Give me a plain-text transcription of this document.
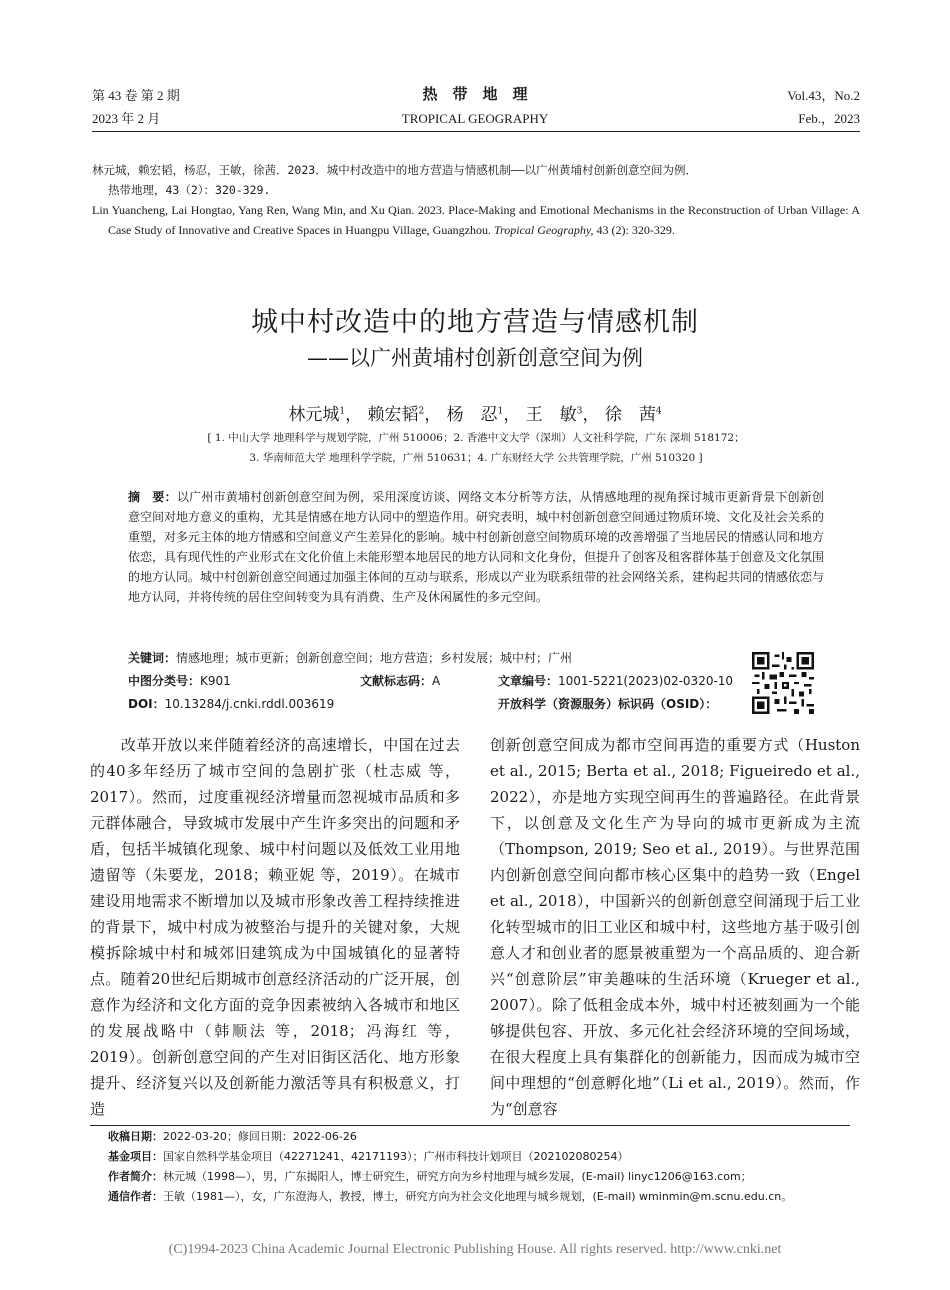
第 43 卷 第 2 期
2023 年 2 月
热　带　地　理
TROPICAL GEOGRAPHY
Vol.43，No.2
Feb.，2023

林元城，赖宏韬，杨忍，王敏，徐茜．2023．城中村改造中的地方营造与情感机制——以广州黄埔村创新创意空间为例．

热带地理，43（2）：320-329.

Lin Yuancheng, Lai Hongtao, Yang Ren, Wang Min, and Xu Qian. 2023. Place-Making and Emotional Mechanisms in the Reconstruction of Urban Village: A Case Study of Innovative and Creative Spaces in Huangpu Village, Guangzhou. Tropical Geography, 43 (2): 320-329.

城中村改造中的地方营造与情感机制
——以广州黄埔村创新创意空间为例
林元城$^1$， 赖宏韬$^2$， 杨　忍$^1$， 王　敏$^3$， 徐　茜$^4$
[ 1. 中山大学 地理科学与规划学院，广州 510006；2. 香港中文大学（深圳）人文社科学院，广东 深圳 518172；
3. 华南师范大学 地理科学学院，广州 510631；4. 广东财经大学 公共管理学院，广州 510320 ]
摘　要：以广州市黄埔村创新创意空间为例，采用深度访谈、网络文本分析等方法，从情感地理的视角探讨城市更新背景下创新创意空间对地方意义的重构，尤其是情感在地方认同中的塑造作用。研究表明，城中村创新创意空间通过物质环境、文化及社会关系的重塑，对多元主体的地方情感和空间意义产生差异化的影响。城中村创新创意空间物质环境的改善增强了当地居民的情感认同和地方依恋，具有现代性的产业形式在文化价值上未能形塑本地居民的地方认同和文化身份，但提升了创客及租客群体基于创意及文化氛围的地方认同。城中村创新创意空间通过加强主体间的互动与联系，形成以产业为联系纽带的社会网络关系，建构起共同的情感依恋与地方认同，并将传统的居住空间转变为具有消费、生产及休闲属性的多元空间。
关键词：情感地理；城市更新；创新创意空间；地方营造；乡村发展；城中村；广州
中图分类号：K901	文献标志码：A	文章编号：1001-5221(2023)02-0320-10
DOI：10.13284/j.cnki.rddl.003619	开放科学（资源服务）标识码（OSID）：

　　改革开放以来伴随着经济的高速增长，中国在过去的40多年经历了城市空间的急剧扩张（杜志威 等，2017）。然而，过度重视经济增量而忽视城市品质和多元群体融合，导致城市发展中产生许多突出的问题和矛盾，包括半城镇化现象、城中村问题以及低效工业用地遗留等（朱要龙，2018；赖亚妮 等，2019）。在城市建设用地需求不断增加以及城市形象改善工程持续推进的背景下，城中村成为被整治与提升的关键对象，大规模拆除城中村和城郊旧建筑成为中国城镇化的显著特点。随着20世纪后期城市创意经济活动的广泛开展，创意作为经济和文化方面的竞争因素被纳入各城市和地区的发展战略中（韩顺法 等，2018；冯海红 等，2019）。创新创意空间的产生对旧街区活化、地方形象提升、经济复兴以及创新能力激活等具有积极意义，打造

创新创意空间成为都市空间再造的重要方式（Huston et al., 2015; Berta et al., 2018; Figueiredo et al., 2022），亦是地方实现空间再生的普遍路径。在此背景下，以创意及文化生产为导向的城市更新成为主流（Thompson, 2019; Seo et al., 2019）。与世界范围内创新创意空间向都市核心区集中的趋势一致（Engel et al., 2018），中国新兴的创新创意空间涌现于后工业化转型城市的旧工业区和城中村，这些地方基于吸引创意人才和创业者的愿景被重塑为一个高品质的、迎合新兴“创意阶层”审美趣味的生活环境（Krueger et al., 2007）。除了低租金成本外，城中村还被刻画为一个能够提供包容、开放、多元化社会经济环境的空间场域，在很大程度上具有集群化的创新能力，因而成为城市空间中理想的“创意孵化地”（Li et al., 2019）。然而，作为“创意容

收稿日期：2022-03-20；修回日期：2022-06-26
基金项目：国家自然科学基金项目（42271241、42171193）；广州市科技计划项目（202102080254）
作者简介：林元城（1998—），男，广东揭阳人，博士研究生，研究方向为乡村地理与城乡发展，(E-mail) linyc1206@163.com；
通信作者：王敏（1981—），女，广东澄海人，教授，博士，研究方向为社会文化地理与城乡规划，(E-mail) wminmin@m.scnu.edu.cn。
(C)1994-2023 China Academic Journal Electronic Publishing House. All rights reserved. http://www.cnki.net
